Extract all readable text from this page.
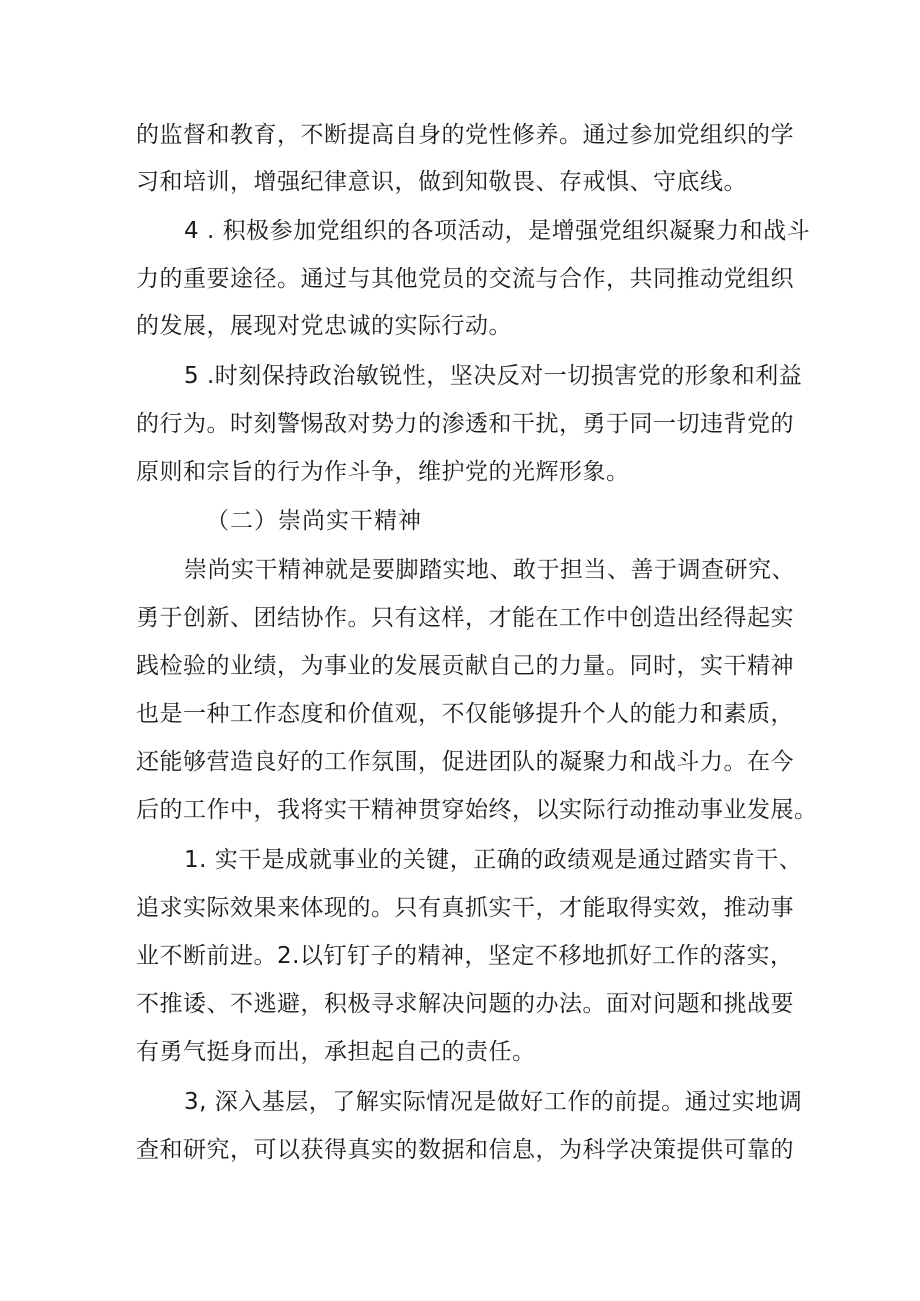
的监督和教育，不断提高自身的党性修养。通过参加党组织的学
习和培训，增强纪律意识，做到知敬畏、存戒惧、守底线。
4 . 积极参加党组织的各项活动，是增强党组织凝聚力和战斗
力的重要途径。通过与其他党员的交流与合作，共同推动党组织
的发展，展现对党忠诚的实际行动。
5 .时刻保持政治敏锐性，坚决反对一切损害党的形象和利益
的行为。时刻警惕敌对势力的渗透和干扰，勇于同一切违背党的
原则和宗旨的行为作斗争，维护党的光辉形象。
（二）崇尚实干精神
崇尚实干精神就是要脚踏实地、敢于担当、善于调查研究、
勇于创新、团结协作。只有这样，才能在工作中创造出经得起实
践检验的业绩，为事业的发展贡献自己的力量。同时，实干精神
也是一种工作态度和价值观，不仅能够提升个人的能力和素质，
还能够营造良好的工作氛围，促进团队的凝聚力和战斗力。在今
后的工作中，我将实干精神贯穿始终，以实际行动推动事业发展。
1. 实干是成就事业的关键，正确的政绩观是通过踏实肯干、
追求实际效果来体现的。只有真抓实干，才能取得实效，推动事
业不断前进。2.以钉钉子的精神，坚定不移地抓好工作的落实，
不推诿、不逃避，积极寻求解决问题的办法。面对问题和挑战要
有勇气挺身而出，承担起自己的责任。
3, 深入基层，了解实际情况是做好工作的前提。通过实地调
查和研究，可以获得真实的数据和信息，为科学决策提供可靠的
